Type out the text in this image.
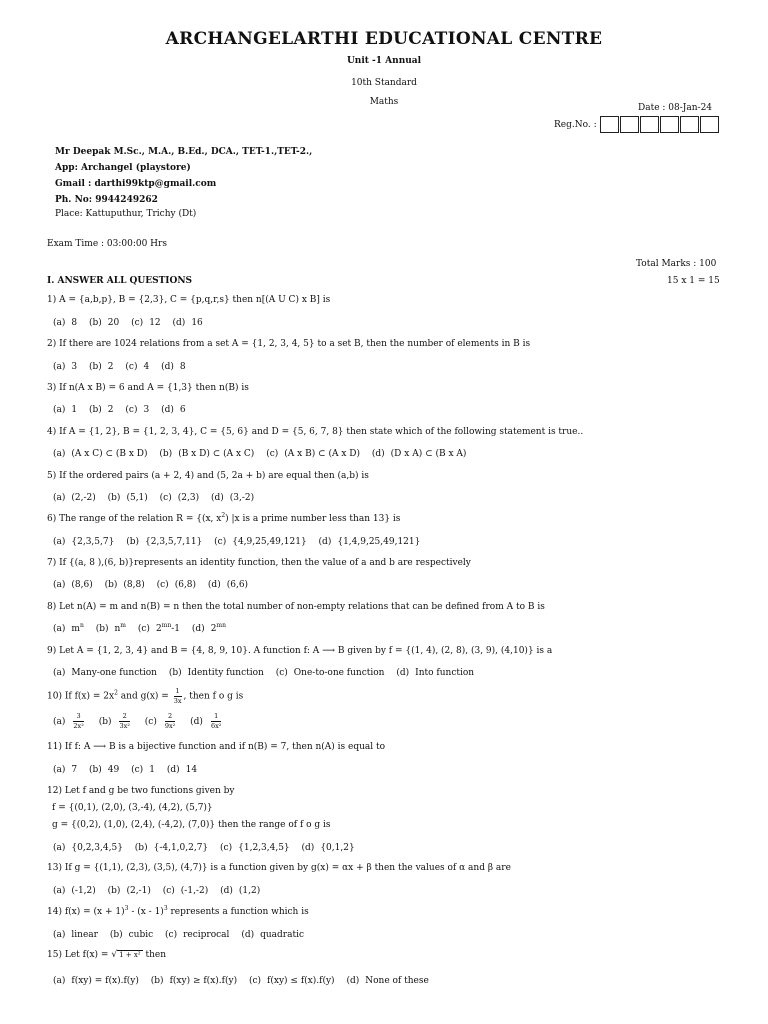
ARCHANGELARTHI EDUCATIONAL CENTRE
Unit -1 Annual
10th Standard
Maths
Date : 08-Jan-24
Reg.No. :
Mr Deepak M.Sc., M.A., B.Ed., DCA., TET-1.,TET-2.,
App: Archangel (playstore)
Gmail : darthi99ktp@gmail.com
Ph. No: 9944249262
Place: Kattuputhur, Trichy (Dt)
Exam Time : 03:00:00 Hrs
Total Marks : 100
I. ANSWER ALL QUESTIONS	15 x 1 = 15
1) A = {a,b,p}, B = {2,3}, C = {p,q,r,s} then n[(A U C) x B] is
(a) 8 (b) 20 (c) 12 (d) 16
2) If there are 1024 relations from a set A = {1, 2, 3, 4, 5} to a set B, then the number of elements in B is
(a) 3 (b) 2 (c) 4 (d) 8
3) If n(A x B) = 6 and A = {1,3} then n(B) is
(a) 1 (b) 2 (c) 3 (d) 6
4) If A = {1, 2}, B = {1, 2, 3, 4}, C = {5, 6} and D = {5, 6, 7, 8} then state which of the following statement is true..
(a) (A x C) ⊂ (B x D) (b) (B x D) ⊂ (A x C) (c) (A x B) ⊂ (A x D) (d) (D x A) ⊂ (B x A)
5) If the ordered pairs (a + 2, 4) and (5, 2a + b) are equal then (a,b) is
(a) (2,-2) (b) (5,1) (c) (2,3) (d) (3,-2)
6) The range of the relation R = {(x, $x^2$) |x is a prime number less than 13} is
(a) {2,3,5,7} (b) {2,3,5,7,11} (c) {4,9,25,49,121} (d) {1,4,9,25,49,121}
7) If {(a, 8 ),(6, b)}represents an identity function, then the value of a and b are respectively
(a) (8,6) (b) (8,8) (c) (6,8) (d) (6,6)
8) Let n(A) = m and n(B) = n then the total number of non-empty relations that can be defined from A to B is
(a) $m^n$ (b) $n^m$ (c) $2^{mn}-1$ (d) $2^{mn}$
9) Let A = {1, 2, 3, 4} and B = {4, 8, 9, 10}. A function f: A ⟶ B given by f = {(1, 4), (2, 8), (3, 9), (4,10)} is a
(a) Many-one function (b) Identity function (c) One-to-one function (d) Into function
10) If $f(x) = 2x^2$ and $g(x) = \frac{1}{3x}$ , then f o g is
$(a) \frac{3}{\text{2x²}} (b) \frac{2}{\text{3x²}} (c) \frac{2}{\text{9x²}} (d) \frac{1}{\text{6x²}}$
11) If f: A ⟶ B is a bijective function and if n(B) = 7, then n(A) is equal to
(a) 7 (b) 49 (c) 1 (d) 14
12) Let f and g be two functions given by
f = {(0,1), (2,0), (3,-4), (4,2), (5,7)}
g = {(0,2), (1,0), (2,4), (-4,2), (7,0)} then the range of f o g is
(a) {0,2,3,4,5} (b) {-4,1,0,2,7} (c) {1,2,3,4,5} (d) {0,1,2}
13) If g = {(1,1), (2,3), (3,5), (4,7)} is a function given by g(x) = αx + β then the values of α and β are
(a) (-1,2) (b) (2,-1) (c) (-1,-2) (d) (1,2)
14) $f(x) = (x + 1)^3 - (x - 1)^3$ represents a function which is
(a) linear (b) cubic (c) reciprocal (d) quadratic
15) Let f(x) = √ 1 + x² then
(a) f(xy) = f(x).f(y) (b) f(xy) ≥ f(x).f(y) (c) f(xy) ≤ f(x).f(y) (d) None of these
